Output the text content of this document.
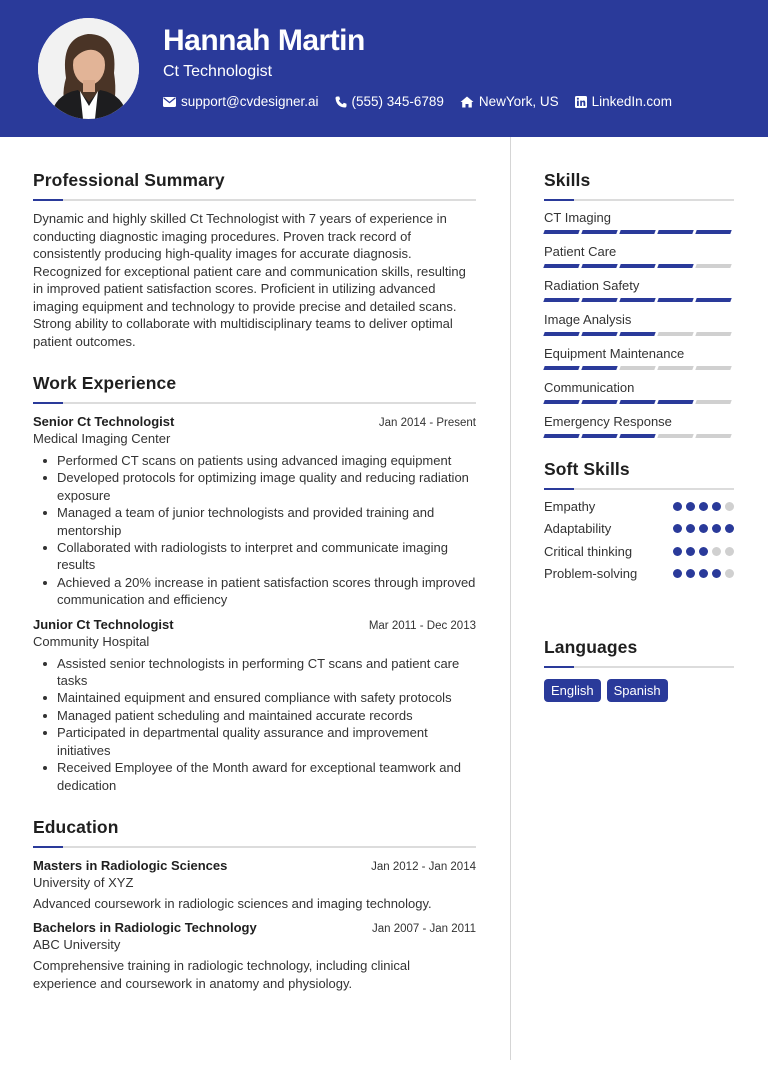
Hannah Martin
Ct Technologist
support@cvdesigner.ai (555) 345-6789	NewYork, US LinkedIn.com
Professional Summary

Dynamic and highly skilled Ct Technologist with 7 years of experience in conducting diagnostic imaging procedures. Proven track record of consistently producing high-quality images for accurate diagnosis. Recognized for exceptional patient care and communication skills, resulting in improved patient satisfaction scores. Proficient in utilizing advanced imaging equipment and technology to provide precise and detailed scans. Strong ability to collaborate with multidisciplinary teams to deliver optimal patient outcomes.

Work Experience
Senior Ct Technologist	Jan 2014 - Present
Medical Imaging Center
Performed CT scans on patients using advanced imaging equipment
Developed protocols for optimizing image quality and reducing radiation exposure
Managed a team of junior technologists and provided training and mentorship
Collaborated with radiologists to interpret and communicate imaging results
Achieved a 20% increase in patient satisfaction scores through improved communication and efficiency
Junior Ct Technologist	Mar 2011 - Dec 2013
Community Hospital
Assisted senior technologists in performing CT scans and patient care tasks
Maintained equipment and ensured compliance with safety protocols
Managed patient scheduling and maintained accurate records
Participated in departmental quality assurance and improvement initiatives
Received Employee of the Month award for exceptional teamwork and dedication
Education
Masters in Radiologic Sciences	Jan 2012 - Jan 2014
University of XYZ

Advanced coursework in radiologic sciences and imaging technology.

Bachelors in Radiologic Technology	Jan 2007 - Jan 2011
ABC University

Comprehensive training in radiologic technology, including clinical experience and coursework in anatomy and physiology.

Skills
CT Imaging
Patient Care
Radiation Safety
Image Analysis
Equipment Maintenance
Communication
Emergency Response
Soft Skills
Empathy
Adaptability
Critical thinking
Problem-solving
Languages
English	Spanish
